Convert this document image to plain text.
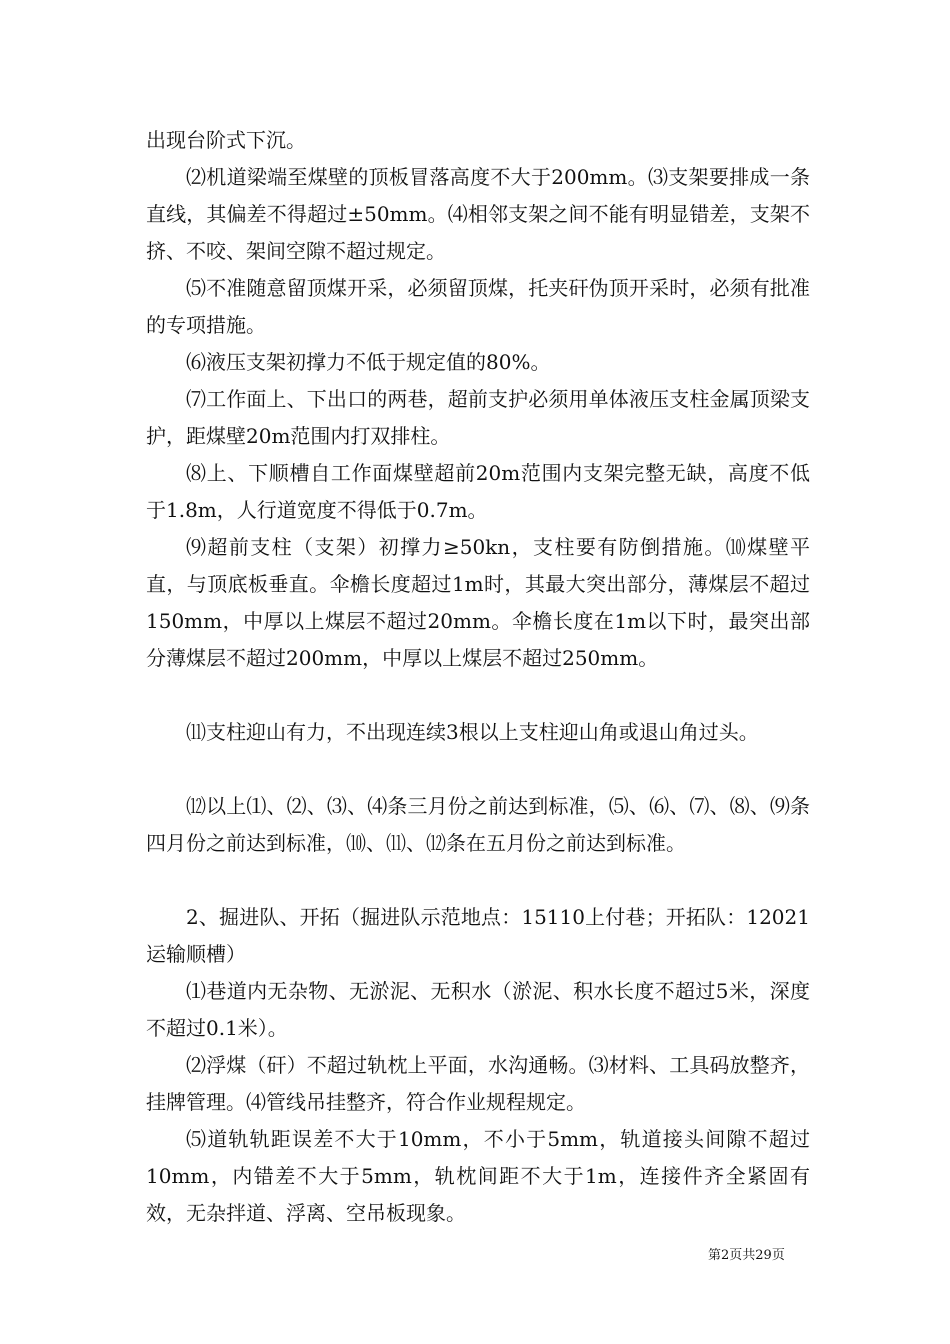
出现台阶式下沉。

⑵机道梁端至煤壁的顶板冒落高度不大于200mm。⑶支架要排成一条直线，其偏差不得超过±50mm。⑷相邻支架之间不能有明显错差，支架不挤、不咬、架间空隙不超过规定。

⑸不准随意留顶煤开采，必须留顶煤，托夹矸伪顶开采时，必须有批准的专项措施。

⑹液压支架初撑力不低于规定值的80%。

⑺工作面上、下出口的两巷，超前支护必须用单体液压支柱金属顶梁支护，距煤壁20m范围内打双排柱。

⑻上、下顺槽自工作面煤壁超前20m范围内支架完整无缺，高度不低于1.8m，人行道宽度不得低于0.7m。

⑼超前支柱（支架）初撑力≥50kn，支柱要有防倒措施。⑽煤壁平直，与顶底板垂直。伞檐长度超过1m时，其最大突出部分，薄煤层不超过150mm，中厚以上煤层不超过20mm。伞檐长度在1m以下时，最突出部分薄煤层不超过200mm，中厚以上煤层不超过250mm。

⑾支柱迎山有力，不出现连续3根以上支柱迎山角或退山角过头。

⑿以上⑴、⑵、⑶、⑷条三月份之前达到标准，⑸、⑹、⑺、⑻、⑼条四月份之前达到标准，⑽、⑾、⑿条在五月份之前达到标准。

2、掘进队、开拓（掘进队示范地点：15110上付巷；开拓队：12021运输顺槽）

⑴巷道内无杂物、无淤泥、无积水（淤泥、积水长度不超过5米，深度不超过0.1米）。

⑵浮煤（矸）不超过轨枕上平面，水沟通畅。⑶材料、工具码放整齐，挂牌管理。⑷管线吊挂整齐，符合作业规程规定。

⑸道轨轨距误差不大于10mm，不小于5mm，轨道接头间隙不超过10mm，内错差不大于5mm，轨枕间距不大于1m，连接件齐全紧固有效，无杂拌道、浮离、空吊板现象。

第2页共29页
